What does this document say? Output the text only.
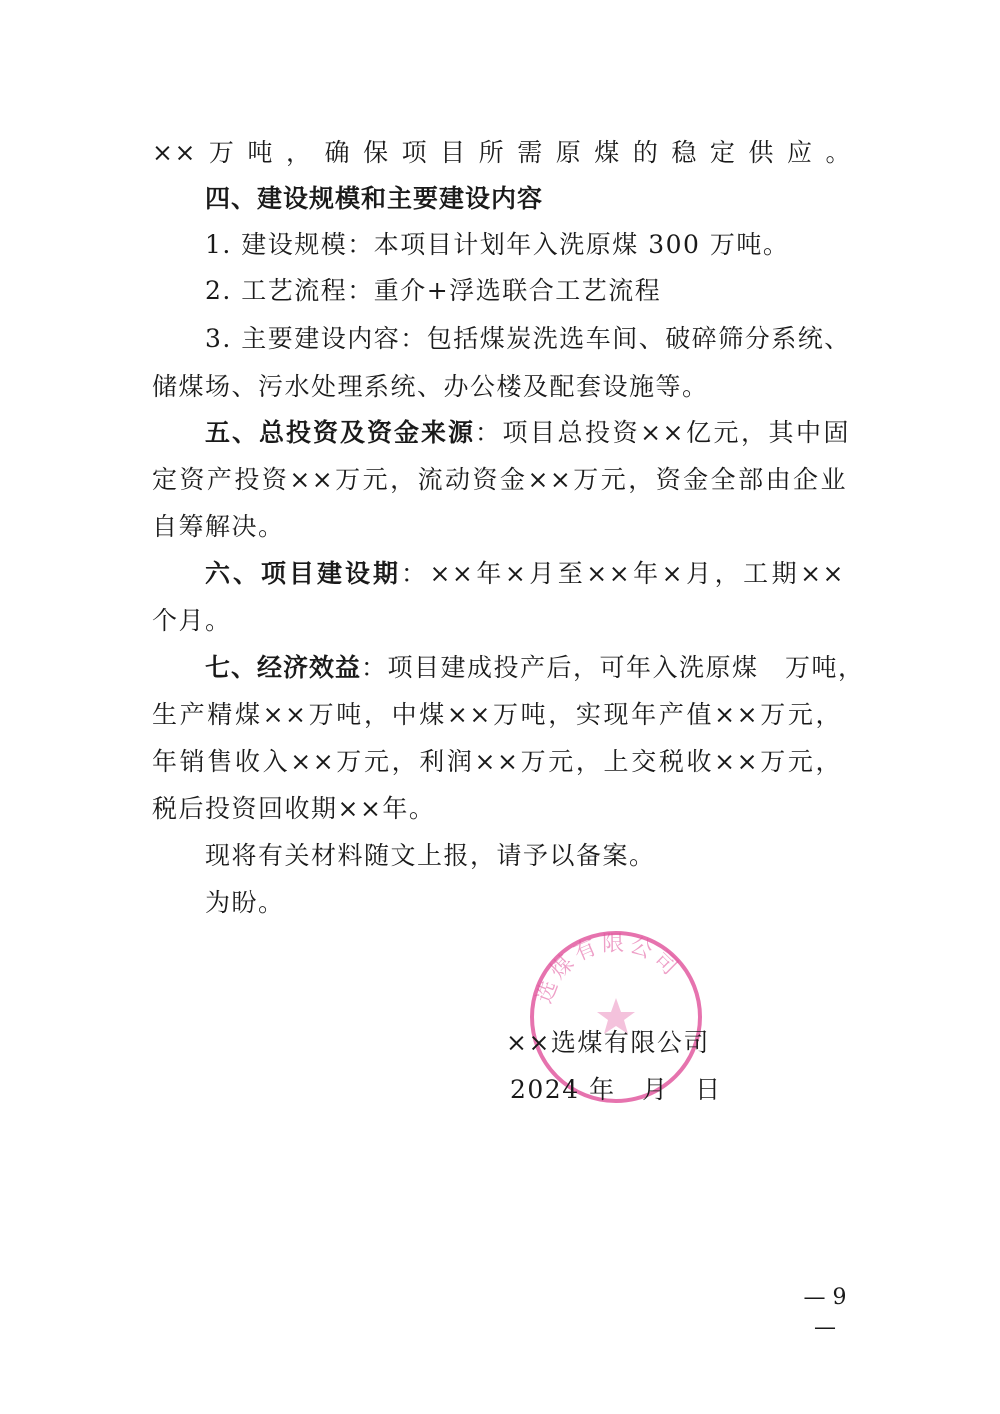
××万吨，确保项目所需原煤的稳定供应。
四、建设规模和主要建设内容
1. 建设规模：本项目计划年入洗原煤 300 万吨。
2. 工艺流程：重介+浮选联合工艺流程
3. 主要建设内容：包括煤炭洗选车间、破碎筛分系统、
储煤场、污水处理系统、办公楼及配套设施等。
五、总投资及资金来源：项目总投资××亿元，其中固
定资产投资××万元，流动资金××万元，资金全部由企业
自筹解决。
六、项目建设期：××年×月至××年×月，工期××
个月。
七、经济效益：项目建成投产后，可年入洗原煤　万吨，
生产精煤××万吨，中煤××万吨，实现年产值××万元，
年销售收入××万元，利润××万元，上交税收××万元，
税后投资回收期××年。
现将有关材料随文上报，请予以备案。
为盼。
选煤有限公司
××选煤有限公司
2024 年　月　日
— 9 —
